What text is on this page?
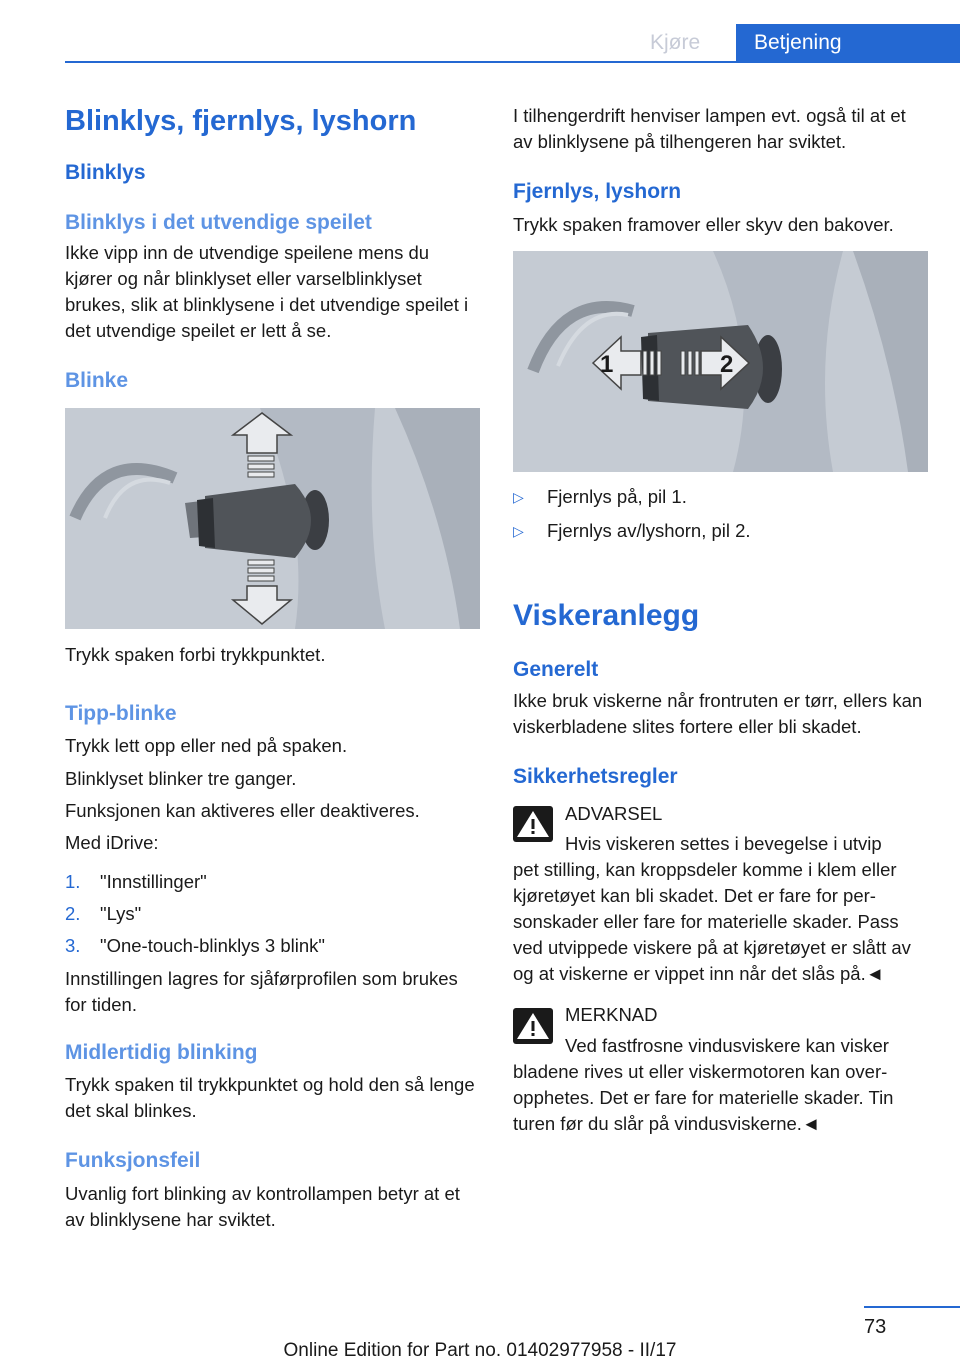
Kjøre	Betjening
Blinklys, fjernlys, lyshorn
Blinklys
Blinklys i det utvendige speilet

Ikke vipp inn de utvendige speilene mens du kjører og når blinklyset eller varselblinklyset brukes, slik at blinklysene i det utvendige speilet i det utvendige speilet er lett å se.

Blinke

Trykk spaken forbi trykkpunktet.

Tipp-blinke

Trykk lett opp eller ned på spaken.

Blinklyset blinker tre ganger.

Funksjonen kan aktiveres eller deaktiveres.

Med iDrive:

1. "Innstillinger"
2. "Lys"
3. "One-touch-blinklys 3 blink"

Innstillingen lagres for sjåførprofilen som brukes for tiden.

Midlertidig blinking

Trykk spaken til trykkpunktet og hold den så lenge det skal blinkes.

Funksjonsfeil

Uvanlig fort blinking av kontrollampen betyr at et av blinklysene har sviktet.

I tilhengerdrift henviser lampen evt. også til at et av blinklysene på tilhengeren har sviktet.

Fjernlys, lyshorn

Trykk spaken framover eller skyv den bakover.

1	2
▷ Fjernlys på, pil 1.
▷ Fjernlys av/lyshorn, pil 2.
Viskeranlegg
Generelt

Ikke bruk viskerne når frontruten er tørr, ellers kan viskerbladene slites fortere eller bli skadet.

Sikkerhetsregler

ADVARSEL

Hvis viskeren settes i bevegelse i utvip

pet stilling, kan kroppsdeler komme i klem eller kjøretøyet kan bli skadet. Det er fare for personskader eller fare for materielle skader. Pass ved utvippede viskere på at kjøretøyet er slått av og at viskerne er vippet inn når det slås på.◄

MERKNAD

Ved fastfrosne vindusviskere kan visker

bladene rives ut eller viskermotoren kan overopphetes. Det er fare for materielle skader. Tin turen før du slår på vindusviskerne.◄

73
Online Edition for Part no. 01402977958 - II/17
